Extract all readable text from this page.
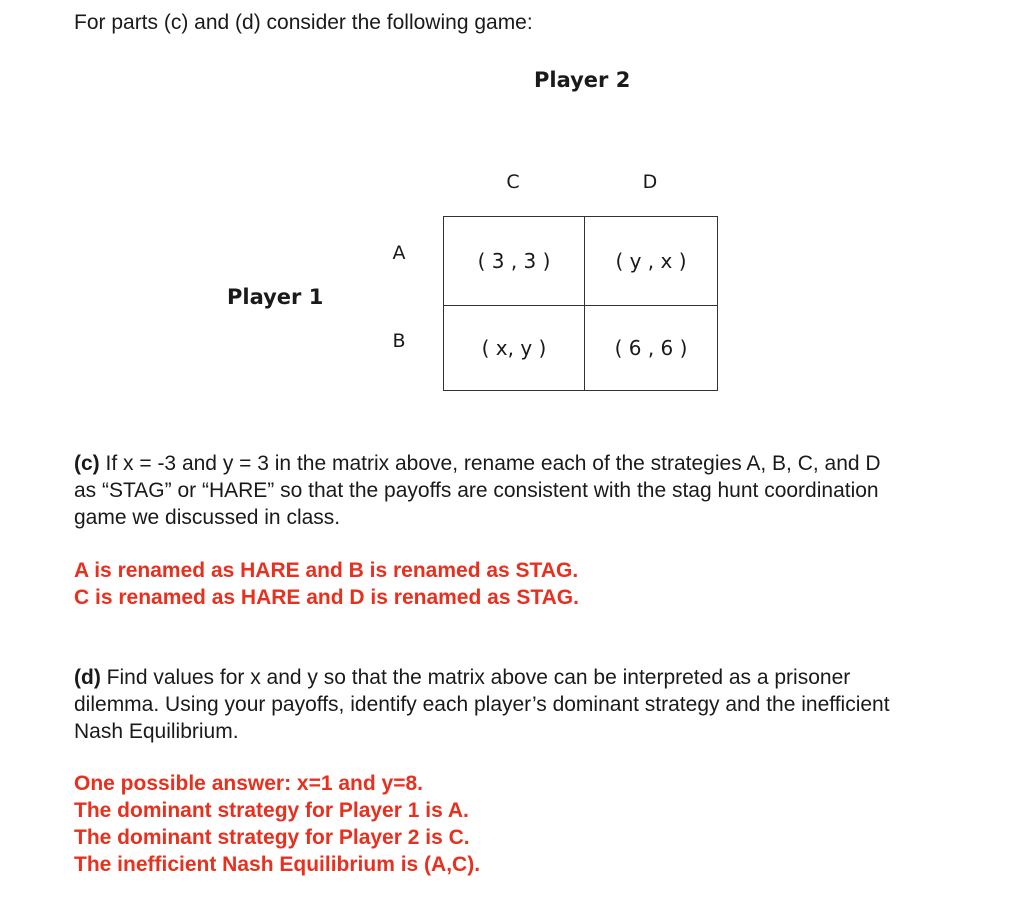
For parts (c) and (d) consider the following game:
Player 2
Player 1
C	D
A
B
( 3 , 3 )	( y , x )
( x, y )	( 6 , 6 )
(c) If x = -3 and y = 3 in the matrix above, rename each of the strategies A, B, C, and D
as “STAG” or “HARE” so that the payoffs are consistent with the stag hunt coordination
game we discussed in class.
A is renamed as HARE and B is renamed as STAG.
C is renamed as HARE and D is renamed as STAG.
(d) Find values for x and y so that the matrix above can be interpreted as a prisoner
dilemma. Using your payoffs, identify each player’s dominant strategy and the inefficient
Nash Equilibrium.
One possible answer: x=1 and y=8.
The dominant strategy for Player 1 is A.
The dominant strategy for Player 2 is C.
The inefficient Nash Equilibrium is (A,C).
